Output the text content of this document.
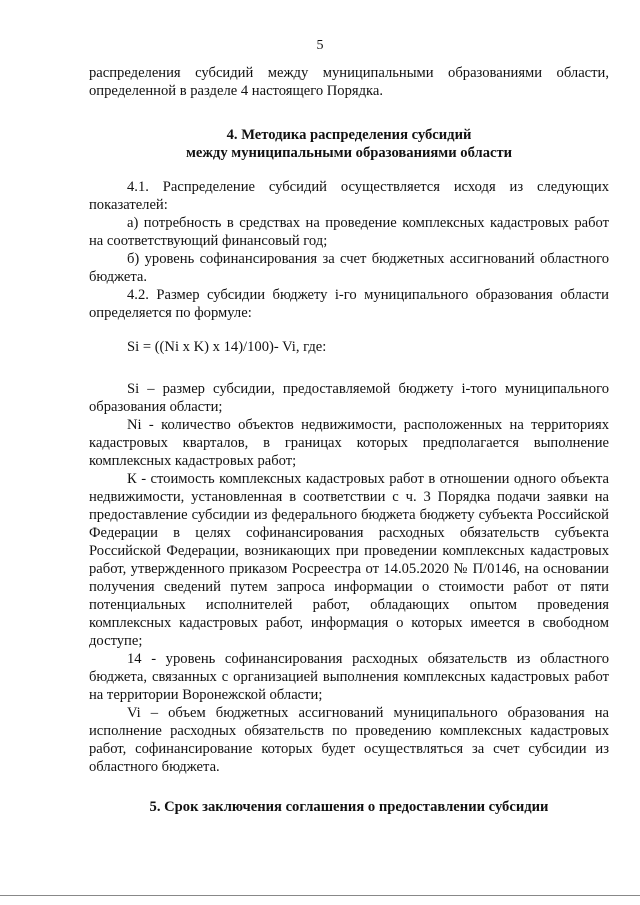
5

распределения субсидий между муниципальными образованиями области, определенной в разделе 4 настоящего Порядка.

4. Методика распределения субсидий
между муниципальными образованиями области

4.1. Распределение субсидий осуществляется исходя из следующих показателей:

а) потребность в средствах на проведение комплексных кадастровых работ на соответствующий финансовый год;

б) уровень софинансирования за счет бюджетных ассигнований областного бюджета.

4.2. Размер субсидии бюджету i-го муниципального образования области определяется по формуле:

Si = ((Ni x K) x 14)/100)- Vi, где:

Si – размер субсидии, предоставляемой бюджету i-того муниципального образования области;

Ni - количество объектов недвижимости, расположенных на территориях кадастровых кварталов, в границах которых предполагается выполнение комплексных кадастровых работ;

К - стоимость комплексных кадастровых работ в отношении одного объекта недвижимости, установленная в соответствии с ч. 3 Порядка подачи заявки на предоставление субсидии из федерального бюджета бюджету субъекта Российской Федерации в целях софинансирования расходных обязательств субъекта Российской Федерации, возникающих при проведении комплексных кадастровых работ, утвержденного приказом Росреестра от 14.05.2020 № П/0146, на основании получения сведений путем запроса информации о стоимости работ от пяти потенциальных исполнителей работ, обладающих опытом проведения комплексных кадастровых работ, информация о которых имеется в свободном доступе;

14 - уровень софинансирования расходных обязательств из областного бюджета, связанных с организацией выполнения комплексных кадастровых работ на территории Воронежской области;

Vi – объем бюджетных ассигнований муниципального образования на исполнение расходных обязательств по проведению комплексных кадастровых работ, софинансирование которых будет осуществляться за счет субсидии из областного бюджета.

5. Срок заключения соглашения о предоставлении субсидии
